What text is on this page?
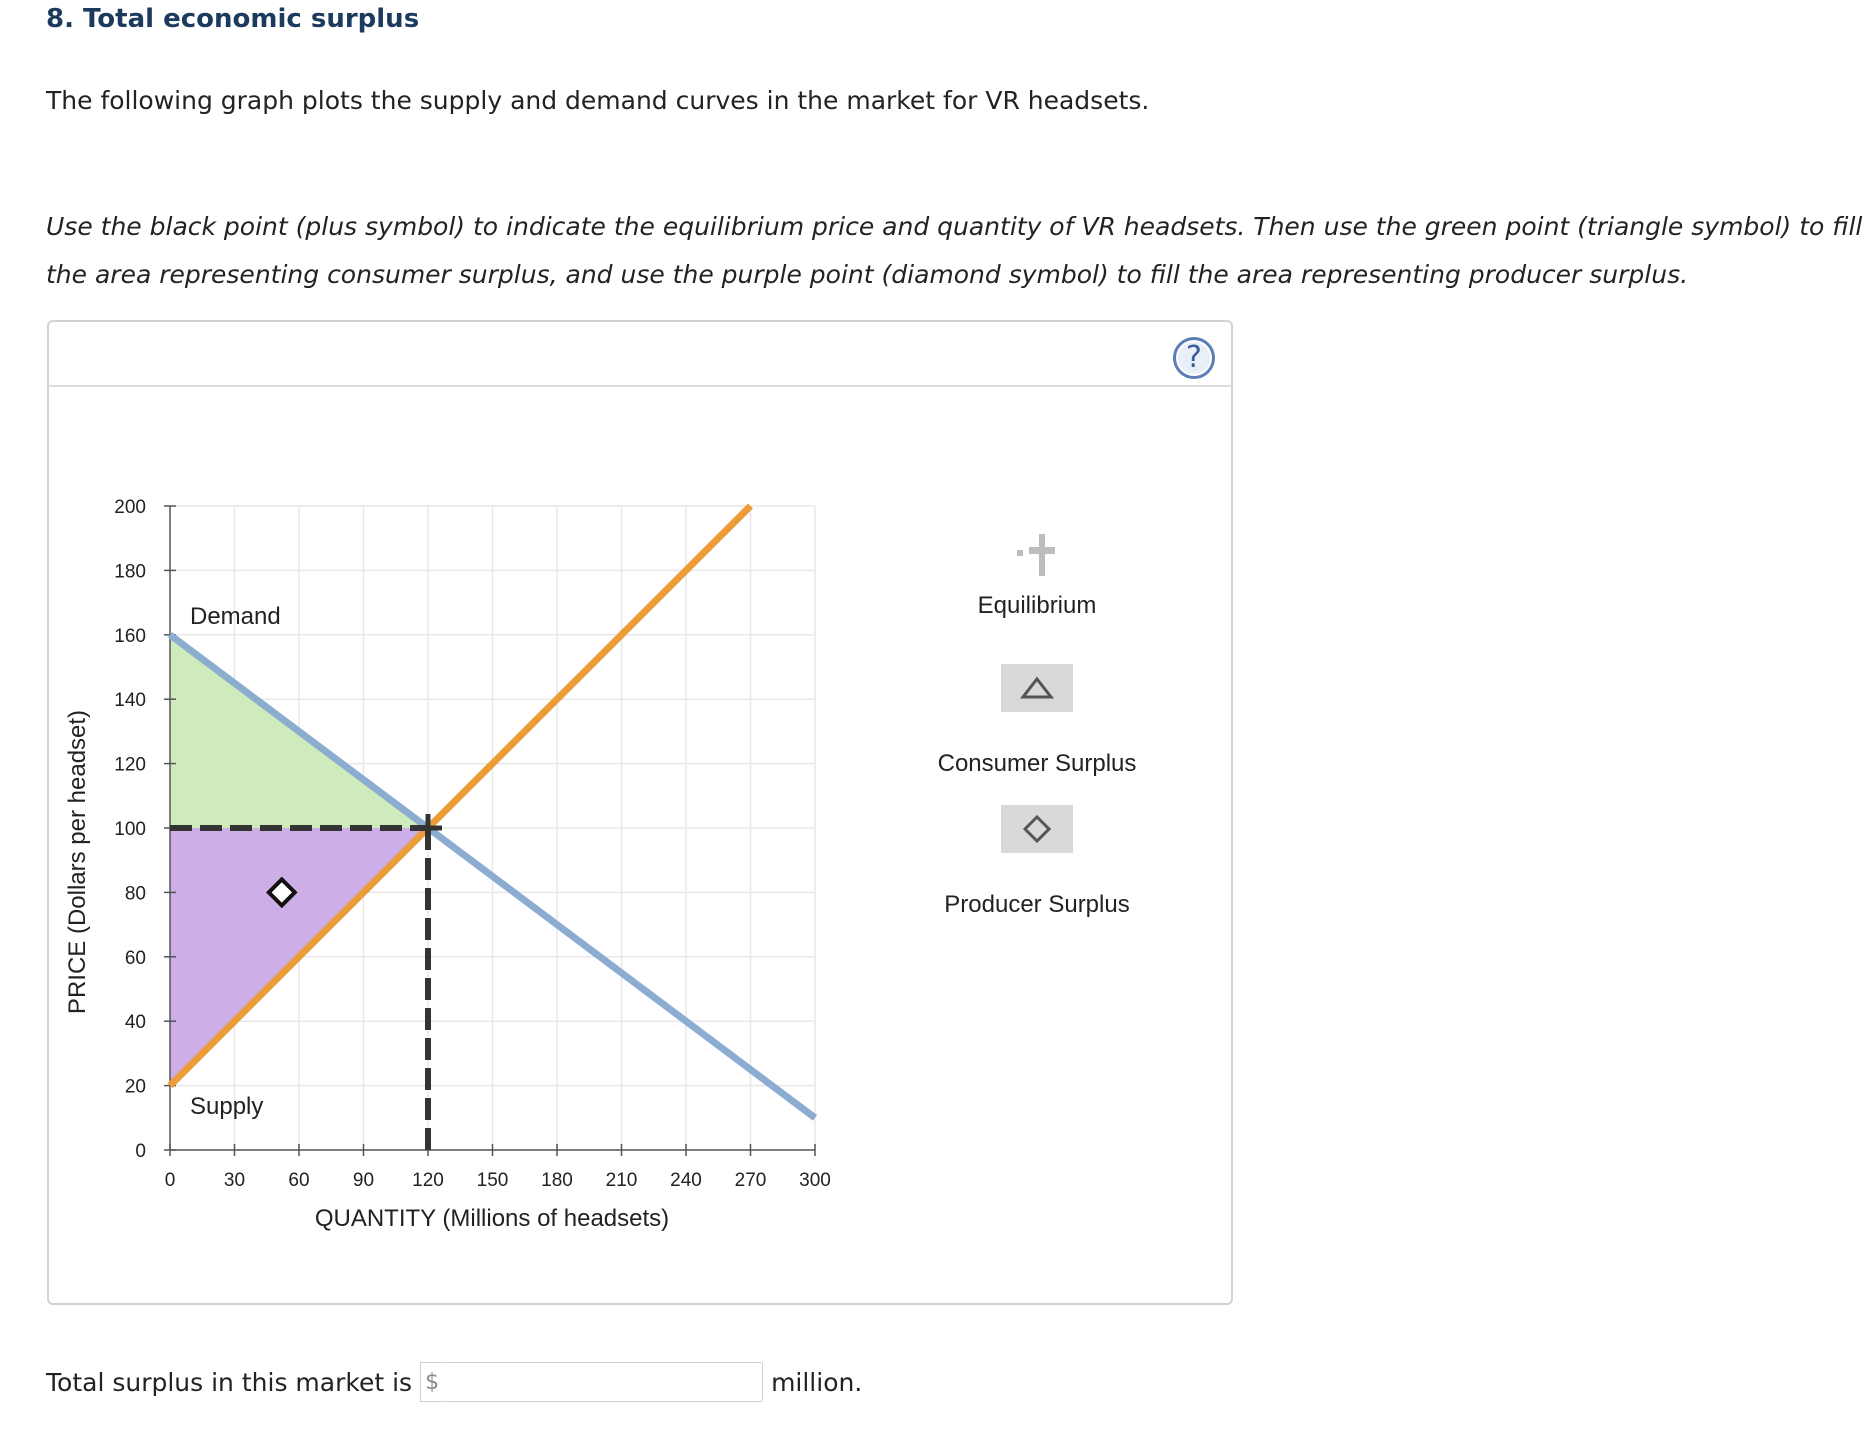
8. Total economic surplus
The following graph plots the supply and demand curves in the market for VR headsets.
Use the black point (plus symbol) to indicate the equilibrium price and quantity of VR headsets. Then use the green point (triangle symbol) to fill the area representing consumer surplus, and use the purple point (diamond symbol) to fill the area representing producer surplus.
?
0
20
40
60
80
100
120
140
160
180
200
0	30 60 90 120 150 180 210 240 270 300
PRICE (Dollars per headset)
QUANTITY (Millions of headsets)
Demand
Supply
Equilibrium
Consumer Surplus
Producer Surplus
Total surplus in this market is $	million.
